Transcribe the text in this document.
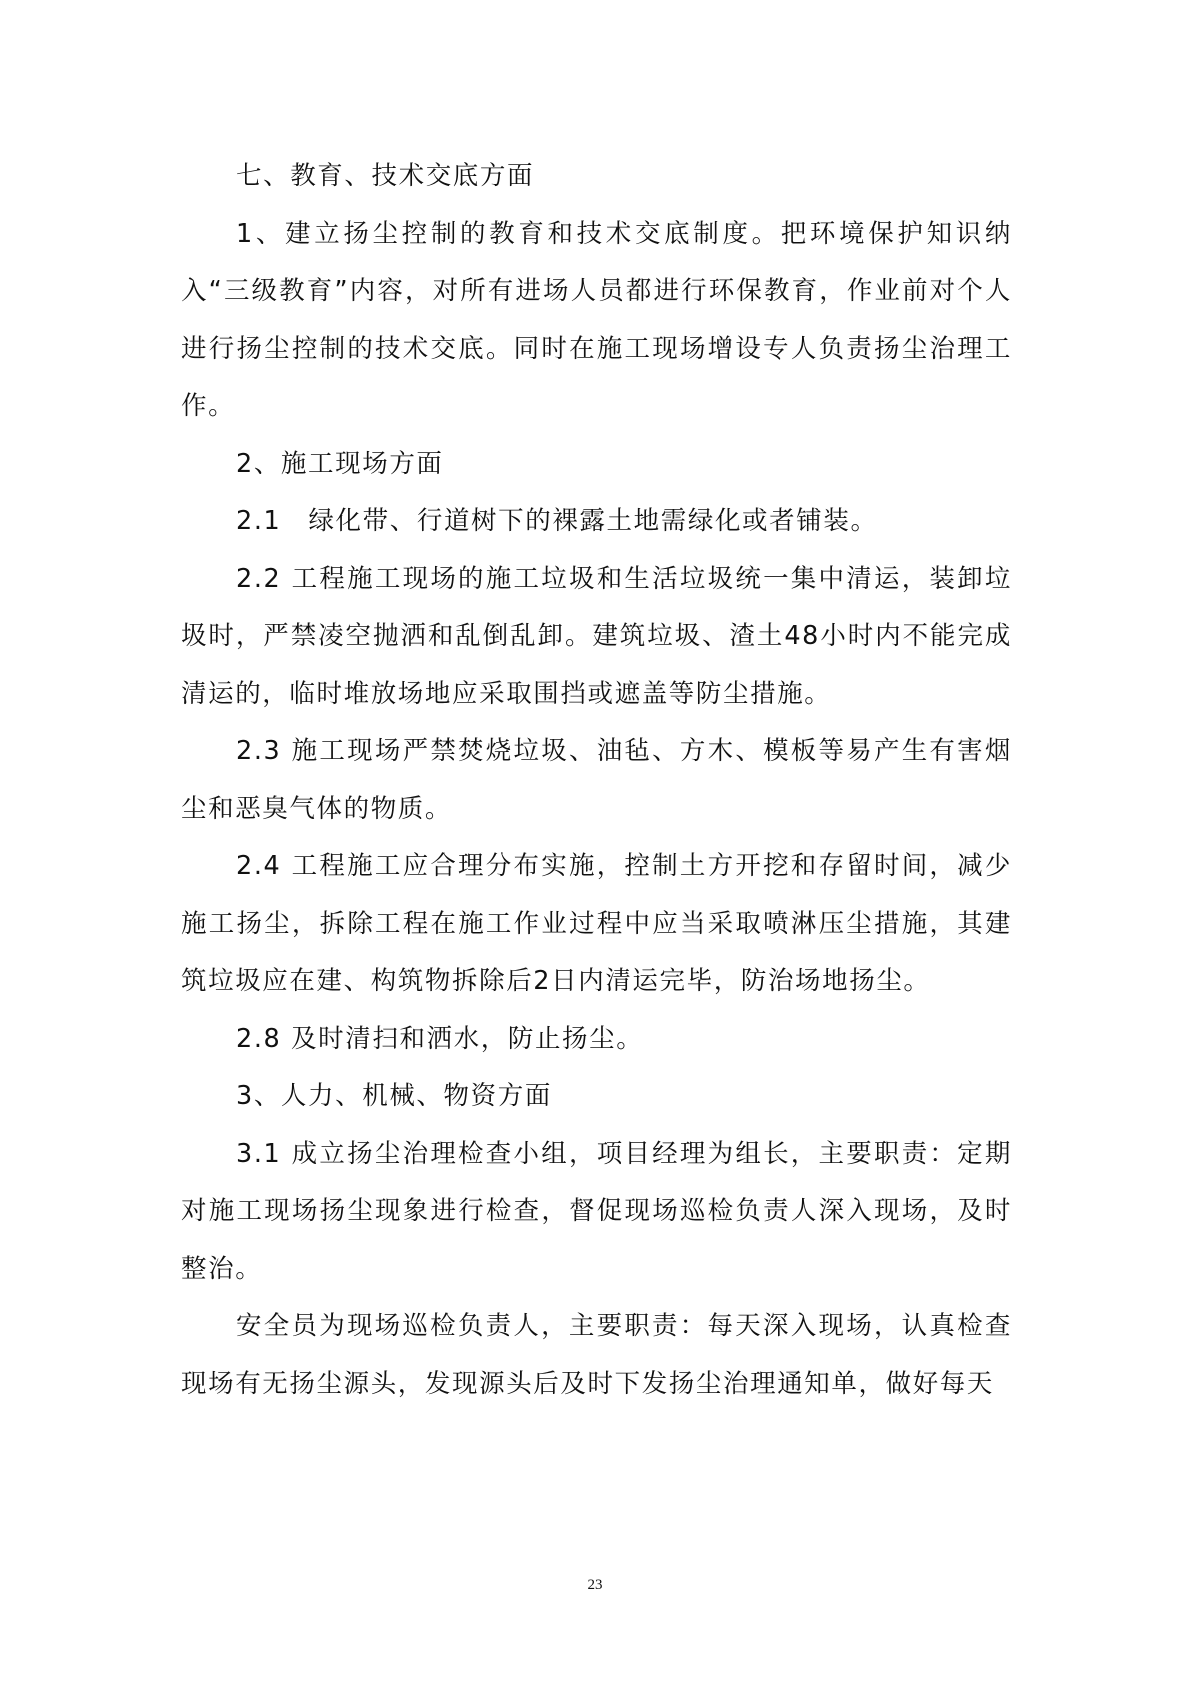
七、教育、技术交底方面

1、建立扬尘控制的教育和技术交底制度。把环境保护知识纳入“三级教育”内容，对所有进场人员都进行环保教育，作业前对个人进行扬尘控制的技术交底。同时在施工现场增设专人负责扬尘治理工作。

2、施工现场方面

2.1　绿化带、行道树下的裸露土地需绿化或者铺装。

2.2 工程施工现场的施工垃圾和生活垃圾统一集中清运，装卸垃圾时，严禁凌空抛洒和乱倒乱卸。建筑垃圾、渣土48小时内不能完成清运的，临时堆放场地应采取围挡或遮盖等防尘措施。

2.3 施工现场严禁焚烧垃圾、油毡、方木、模板等易产生有害烟尘和恶臭气体的物质。

2.4 工程施工应合理分布实施，控制土方开挖和存留时间，减少施工扬尘，拆除工程在施工作业过程中应当采取喷淋压尘措施，其建筑垃圾应在建、构筑物拆除后2日内清运完毕，防治场地扬尘。

2.8 及时清扫和洒水，防止扬尘。

3、人力、机械、物资方面

3.1 成立扬尘治理检查小组，项目经理为组长，主要职责：定期对施工现场扬尘现象进行检查，督促现场巡检负责人深入现场，及时整治。

安全员为现场巡检负责人，主要职责：每天深入现场，认真检查现场有无扬尘源头，发现源头后及时下发扬尘治理通知单，做好每天

23
